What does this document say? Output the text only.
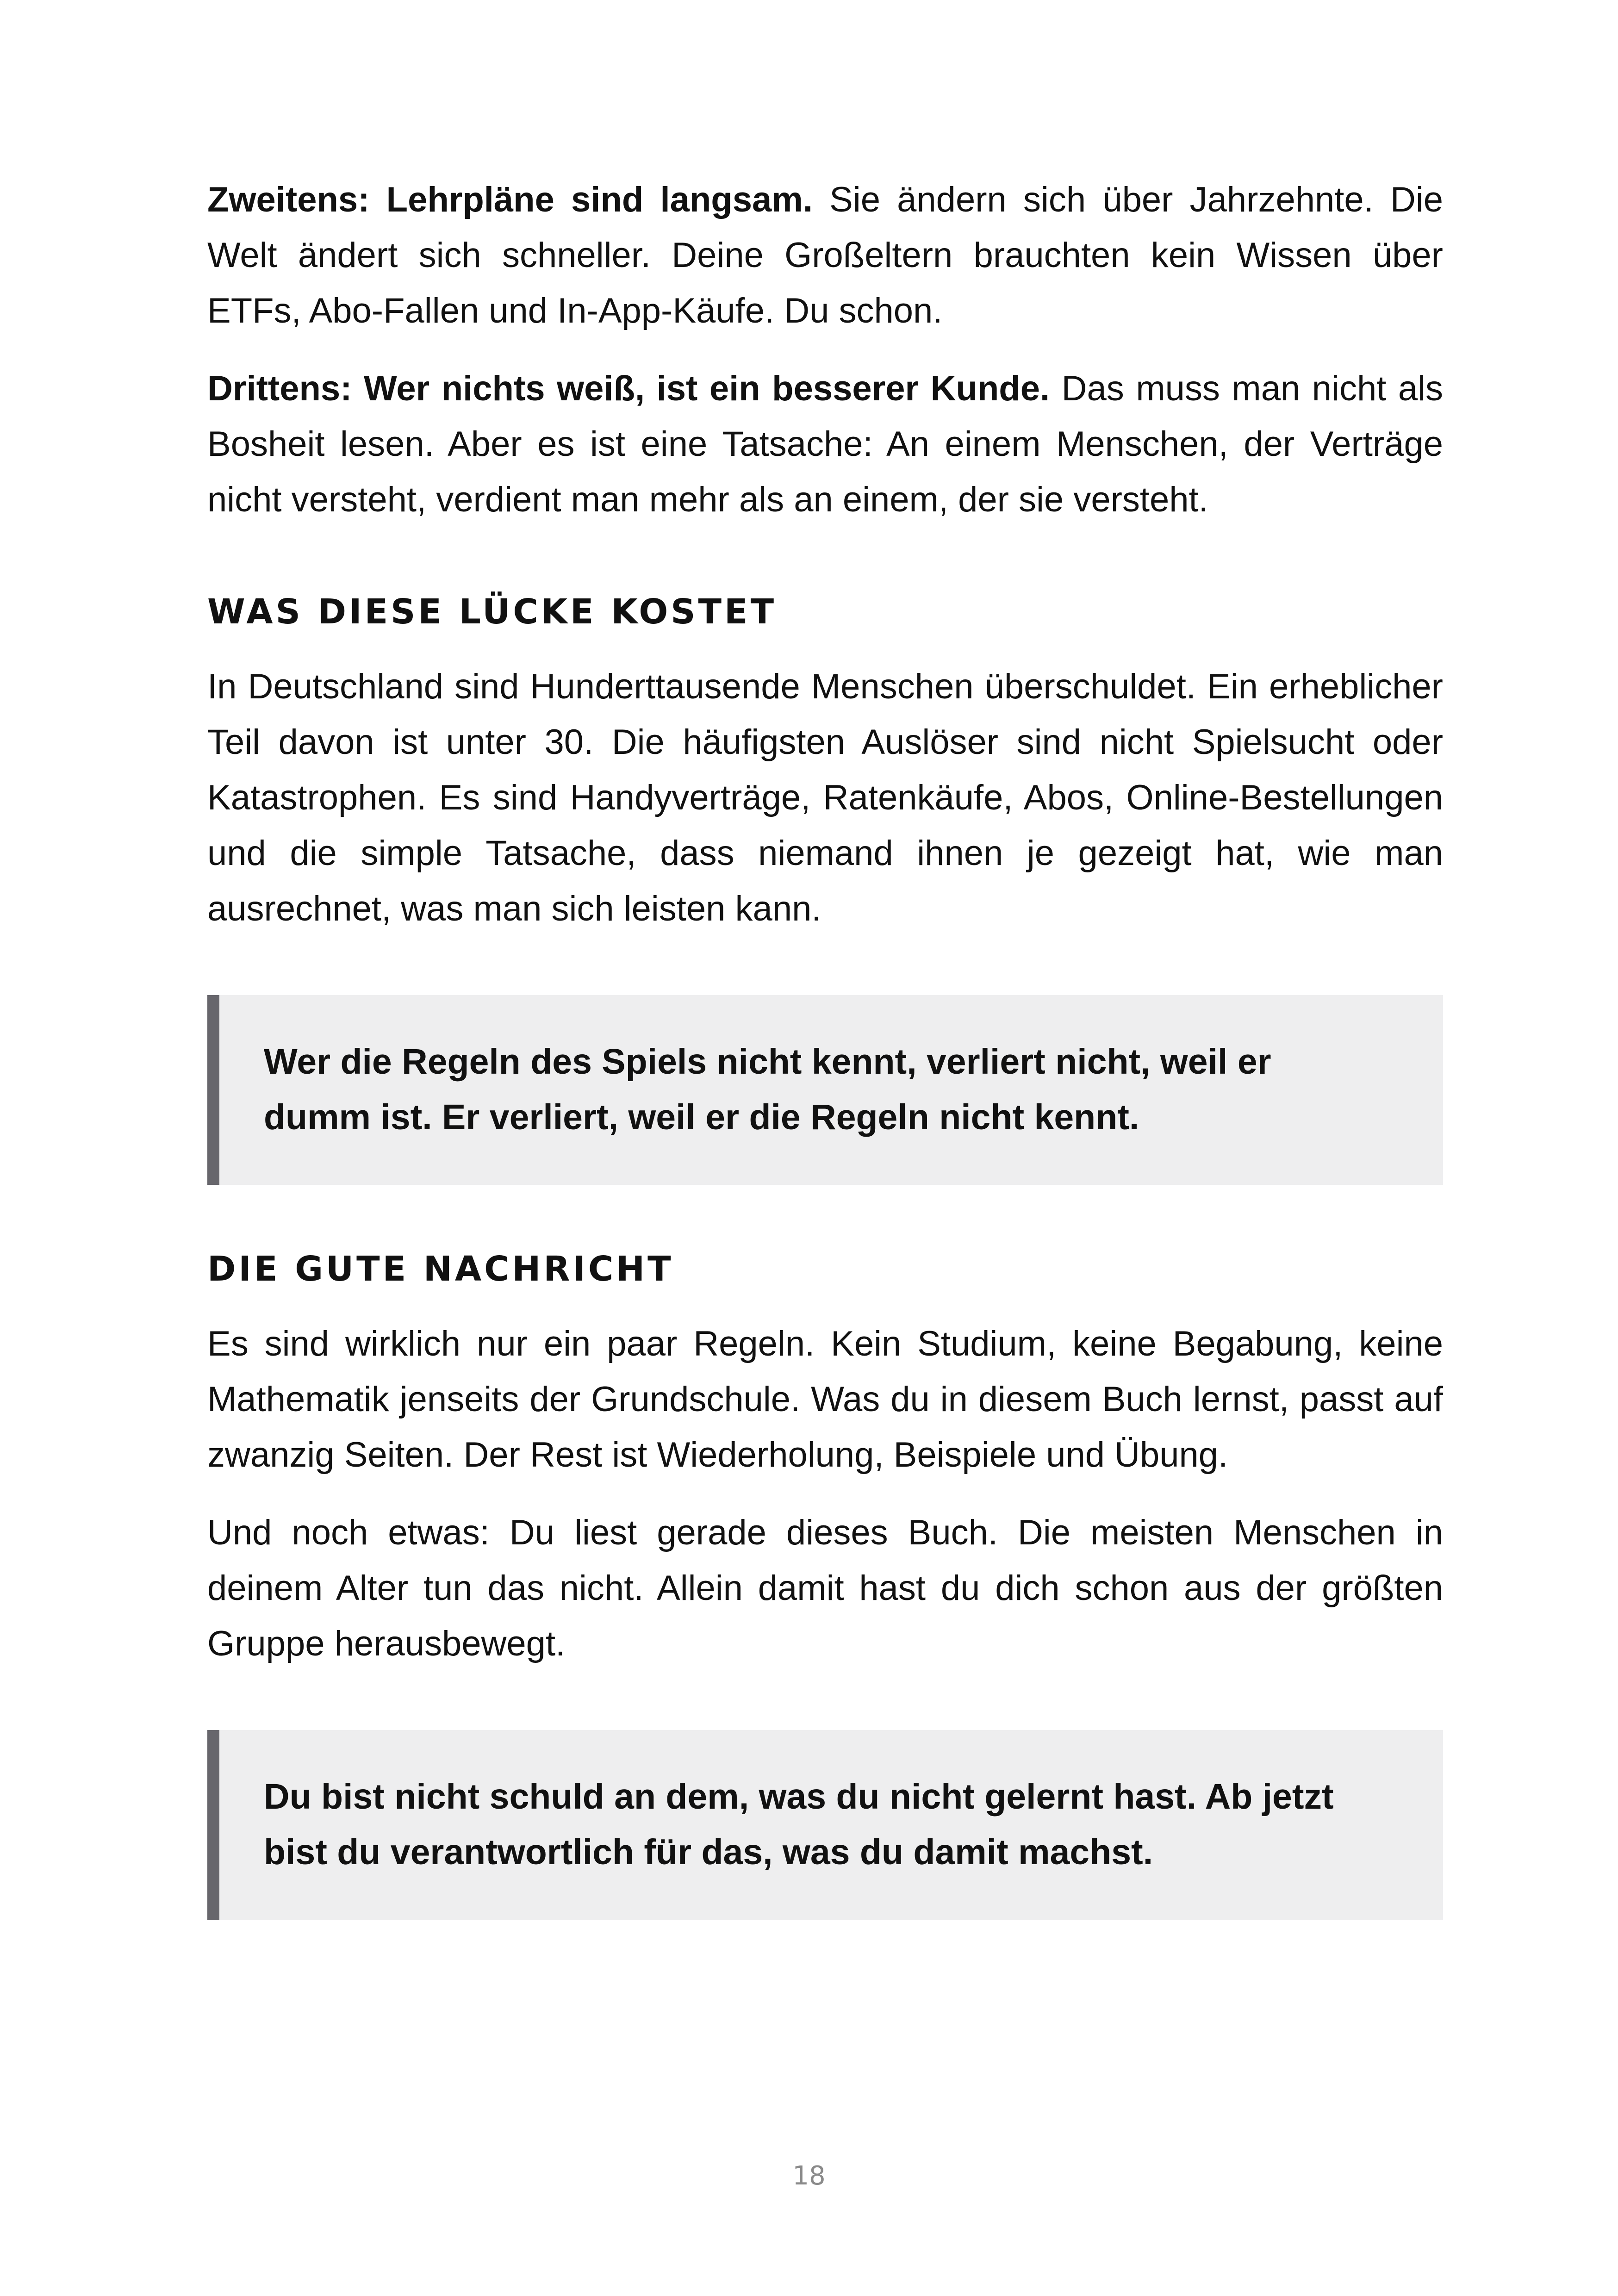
Zweitens: Lehrpläne sind langsam. Sie ändern sich über Jahrzehnte. Die Welt ändert sich schneller. Deine Großeltern brauchten kein Wissen über ETFs, Abo-Fallen und In-App-Käufe. Du schon.

Drittens: Wer nichts weiß, ist ein besserer Kunde. Das muss man nicht als Bosheit lesen. Aber es ist eine Tatsache: An einem Menschen, der Verträge nicht versteht, verdient man mehr als an einem, der sie versteht.

WAS DIESE LÜCKE KOSTET

In Deutschland sind Hunderttausende Menschen überschuldet. Ein erheblicher Teil davon ist unter 30. Die häufigsten Auslöser sind nicht Spielsucht oder Katastrophen. Es sind Handyverträge, Ratenkäufe, Abos, Online-Bestellungen und die simple Tatsache, dass niemand ihnen je gezeigt hat, wie man ausrechnet, was man sich leisten kann.

Wer die Regeln des Spiels nicht kennt, verliert nicht, weil er dumm ist. Er verliert, weil er die Regeln nicht kennt.

DIE GUTE NACHRICHT

Es sind wirklich nur ein paar Regeln. Kein Studium, keine Begabung, keine Mathematik jenseits der Grundschule. Was du in diesem Buch lernst, passt auf zwanzig Seiten. Der Rest ist Wiederholung, Beispiele und Übung.

Und noch etwas: Du liest gerade dieses Buch. Die meisten Menschen in deinem Alter tun das nicht. Allein damit hast du dich schon aus der größten Gruppe herausbewegt.

Du bist nicht schuld an dem, was du nicht gelernt hast. Ab jetzt bist du verantwortlich für das, was du damit machst.

18
